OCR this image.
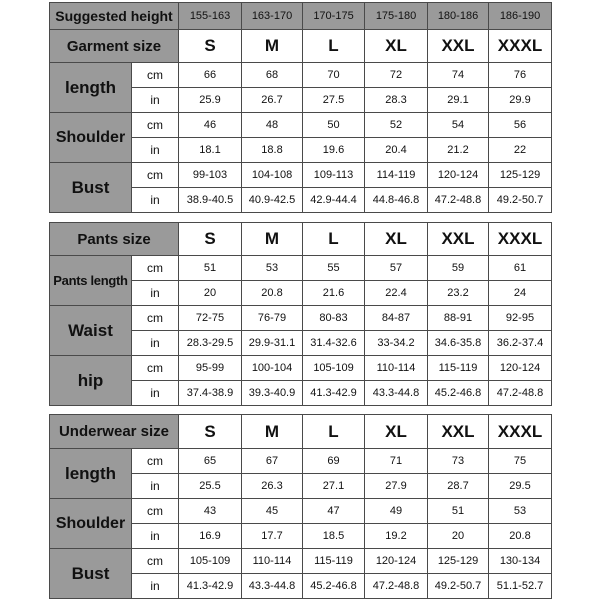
Suggested height		155-163	163-170	170-175	175-180	180-186	186-190
Garment size		S	M	L	XL	XXL	XXXL
length	cm	66	68	70	72	74	76
	in	25.9	26.7	27.5	28.3	29.1	29.9
Shoulder	cm	46	48	50	52	54	56
	in	18.1	18.8	19.6	20.4	21.2	22
Bust	cm	99-103	104-108	109-113	114-119	120-124	125-129
	in	38.9-40.5	40.9-42.5	42.9-44.4	44.8-46.8	47.2-48.8	49.2-50.7
Pants size		S	M	L	XL	XXL	XXXL
Pants length	cm	51	53	55	57	59	61
	in	20	20.8	21.6	22.4	23.2	24
Waist	cm	72-75	76-79	80-83	84-87	88-91	92-95
	in	28.3-29.5	29.9-31.1	31.4-32.6	33-34.2	34.6-35.8	36.2-37.4
hip	cm	95-99	100-104	105-109	110-114	115-119	120-124
	in	37.4-38.9	39.3-40.9	41.3-42.9	43.3-44.8	45.2-46.8	47.2-48.8
Underwear size		S	M	L	XL	XXL	XXXL
length	cm	65	67	69	71	73	75
	in	25.5	26.3	27.1	27.9	28.7	29.5
Shoulder	cm	43	45	47	49	51	53
	in	16.9	17.7	18.5	19.2	20	20.8
Bust	cm	105-109	110-114	115-119	120-124	125-129	130-134
	in	41.3-42.9	43.3-44.8	45.2-46.8	47.2-48.8	49.2-50.7	51.1-52.7
